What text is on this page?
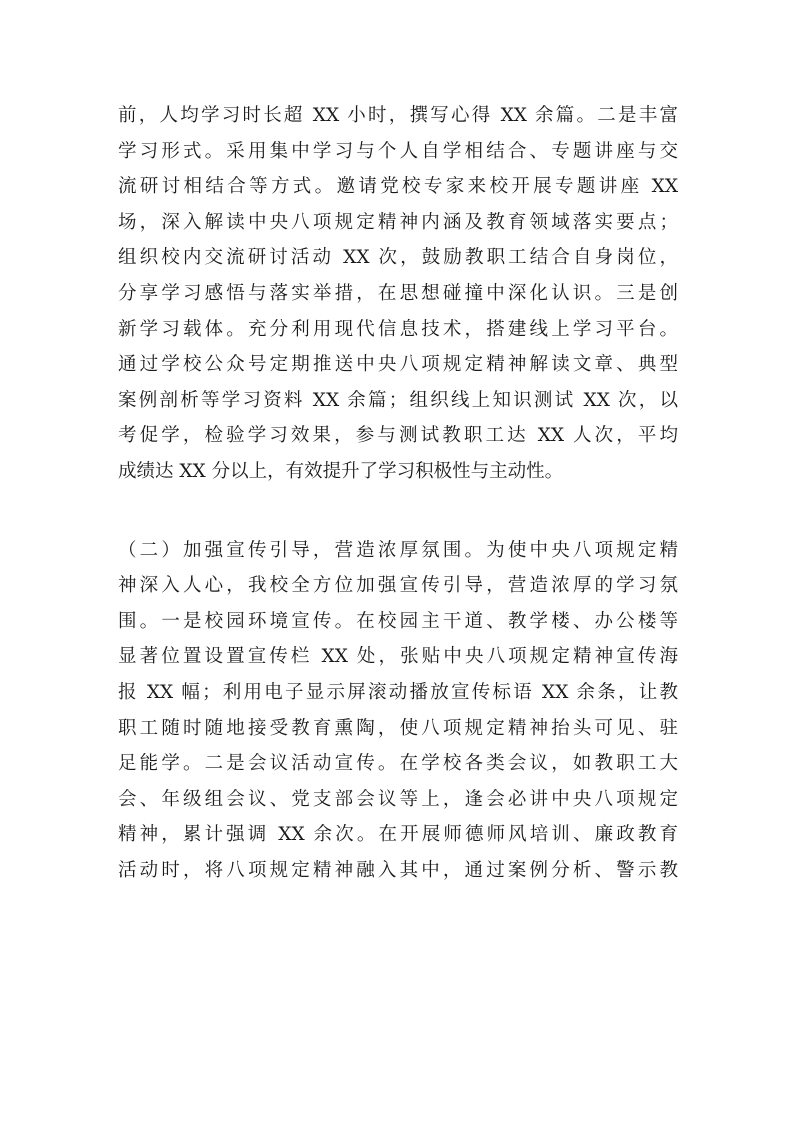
前，人均学习时长超 XX 小时，撰写心得 XX 余篇。二是丰富
学习形式。采用集中学习与个人自学相结合、专题讲座与交
流研讨相结合等方式。邀请党校专家来校开展专题讲座 XX
场，深入解读中央八项规定精神内涵及教育领域落实要点；
组织校内交流研讨活动 XX 次，鼓励教职工结合自身岗位，
分享学习感悟与落实举措，在思想碰撞中深化认识。三是创
新学习载体。充分利用现代信息技术，搭建线上学习平台。
通过学校公众号定期推送中央八项规定精神解读文章、典型
案例剖析等学习资料 XX 余篇；组织线上知识测试 XX 次，以
考促学，检验学习效果，参与测试教职工达 XX 人次，平均
成绩达 XX 分以上，有效提升了学习积极性与主动性。
（二）加强宣传引导，营造浓厚氛围。为使中央八项规定精
神深入人心，我校全方位加强宣传引导，营造浓厚的学习氛
围。一是校园环境宣传。在校园主干道、教学楼、办公楼等
显著位置设置宣传栏 XX 处，张贴中央八项规定精神宣传海
报 XX 幅；利用电子显示屏滚动播放宣传标语 XX 余条，让教
职工随时随地接受教育熏陶，使八项规定精神抬头可见、驻
足能学。二是会议活动宣传。在学校各类会议，如教职工大
会、年级组会议、党支部会议等上，逢会必讲中央八项规定
精神，累计强调 XX 余次。在开展师德师风培训、廉政教育
活动时，将八项规定精神融入其中，通过案例分析、警示教
